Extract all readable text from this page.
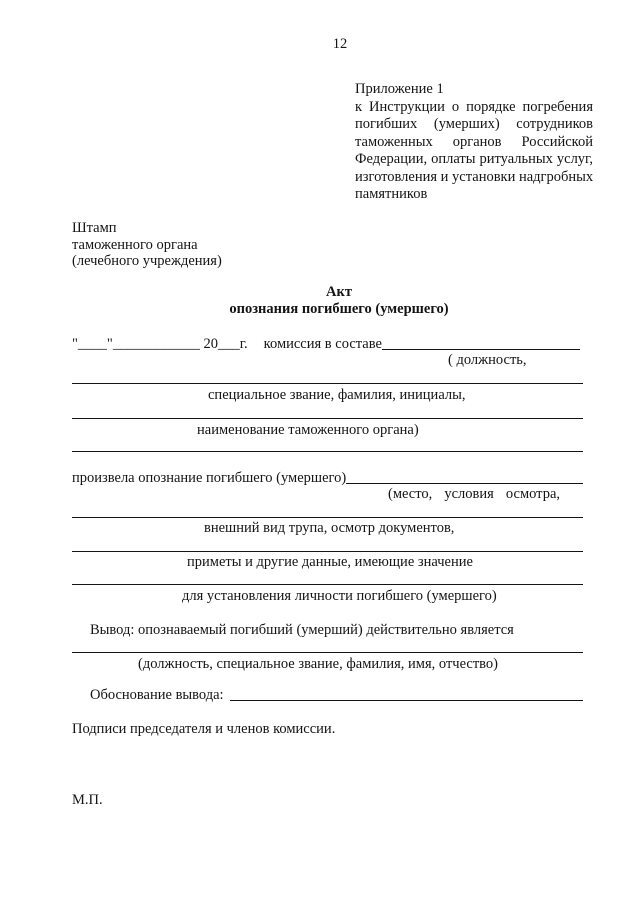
12
Приложение 1
к Инструкции о порядке погребения
погибших (умерших) сотрудников
таможенных органов Российской
Федерации, оплаты ритуальных услуг,
изготовления и установки надгробных
памятников
Штамп
таможенного органа
(лечебного учреждения)
Акт
опознания погибшего (умершего)
"____"____________ 20___г. комиссия в составе
( должность,
специальное звание, фамилия, инициалы,
наименование таможенного органа)
произвела опознание погибшего (умершего)
(место, условия осмотра,
внешний вид трупа, осмотр документов,
приметы и другие данные, имеющие значение
для установления личности погибшего (умершего)
Вывод: опознаваемый погибший (умерший) действительно является
(должность, специальное звание, фамилия, имя, отчество)
Обоснование вывода:
Подписи председателя и членов комиссии.
М.П.
